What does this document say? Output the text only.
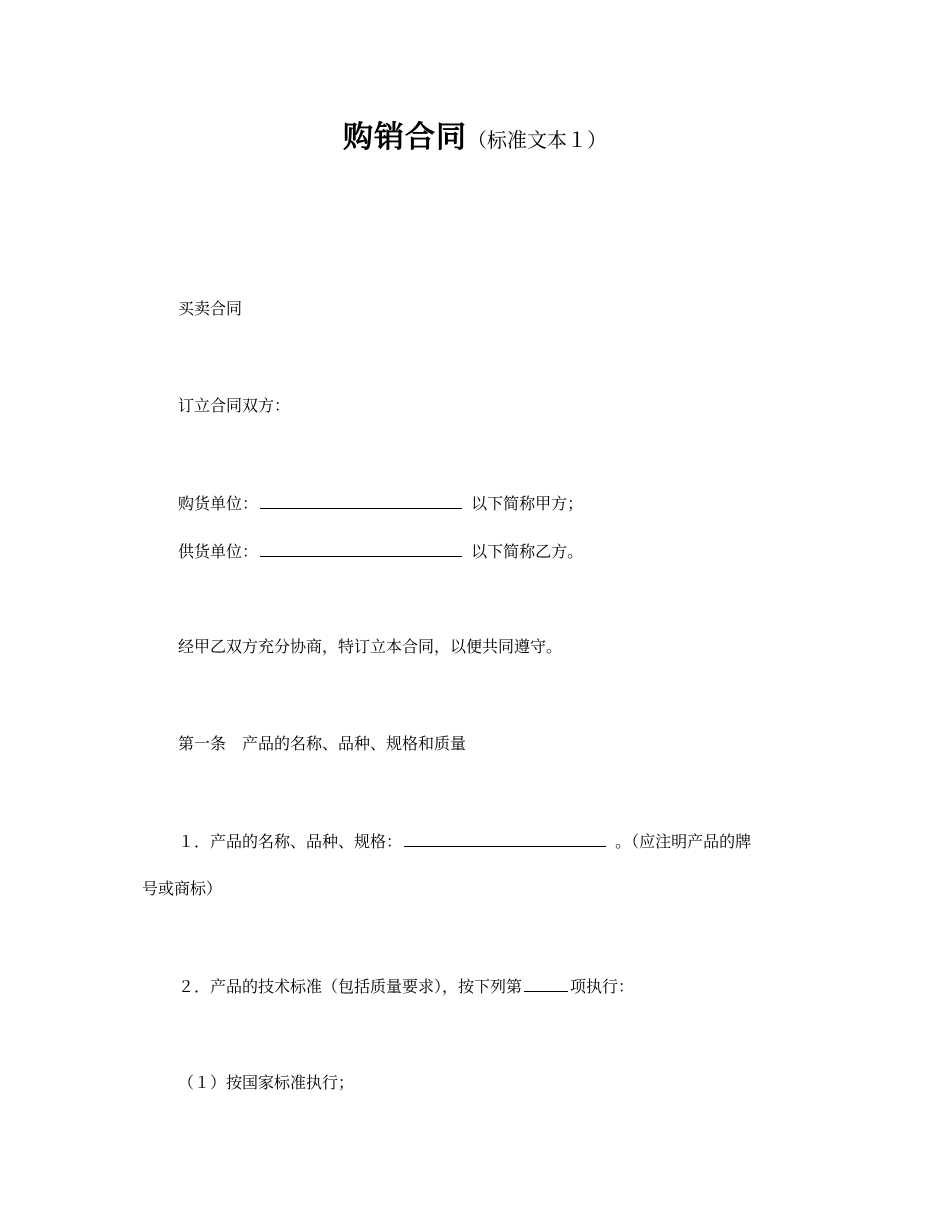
购销合同（标准文本１）
买卖合同
订立合同双方：
购货单位：	以下简称甲方；
供货单位：	以下简称乙方。
经甲乙双方充分协商，特订立本合同，以便共同遵守。
第一条　产品的名称、品种、规格和质量
１．产品的名称、品种、规格：	。（应注明产品的牌
号或商标）
２．产品的技术标准（包括质量要求），按下列第	项执行：
（１）按国家标准执行；
